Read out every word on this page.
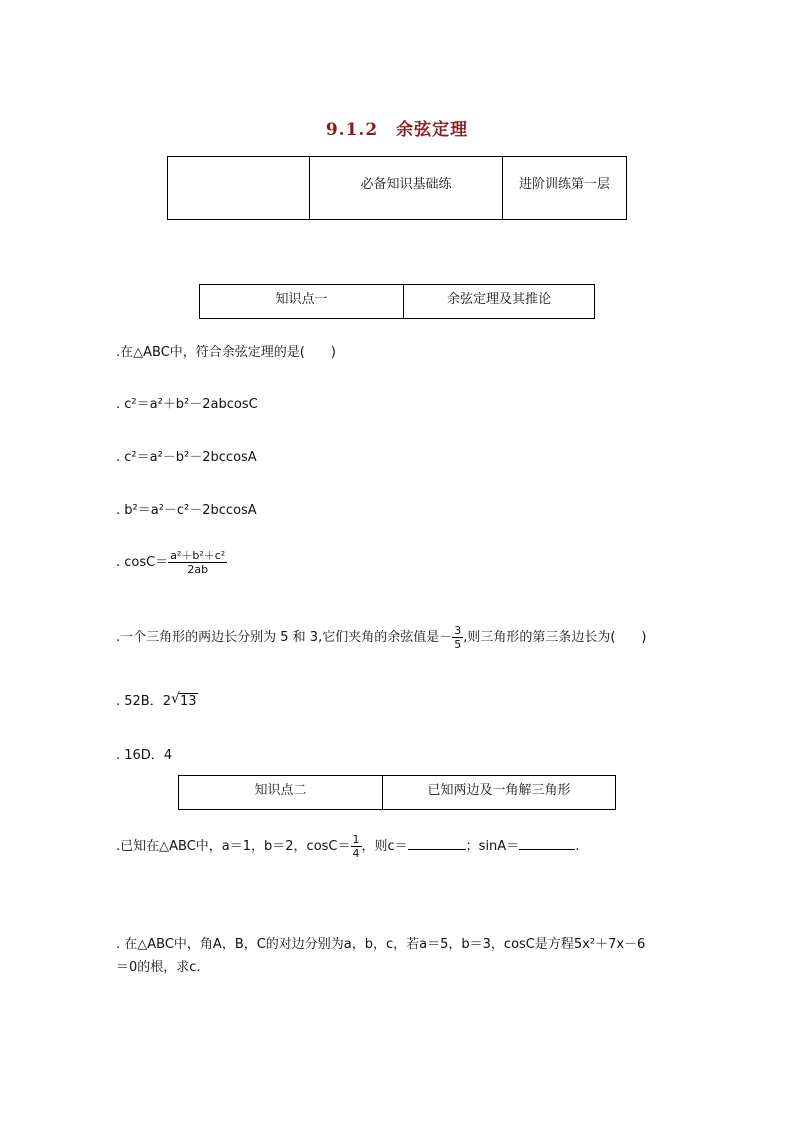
9.1.2　余弦定理
	必备知识基础练	进阶训练第一层
知识点一	余弦定理及其推论
.在△ABC中，符合余弦定理的是(　　)
. c²＝a²＋b²－2abcosC
. c²＝a²－b²－2bccosA
. b²＝a²－c²－2bccosA
. $\cos C= \frac{\text{a²＋b²＋c²}}{2ab}$
.一个三角形的两边长分别为 5 和 3,它们夹角的余弦值是－ $\frac{3}{5}$ ,则三角形的第三条边长为(　　)
. 52B．2 √ 13
. 16D．4
知识点二	已知两边及一角解三角形
.已知在△ABC中，a＝1，b＝2，$\cos C= \frac{1}{4}$ ，则c＝	；sinA＝	.
. 在△ABC中，角A，B，C的对边分别为a，b，c，若a＝5，b＝3，cosC是方程5x²＋7x－6
＝0的根，求c.
